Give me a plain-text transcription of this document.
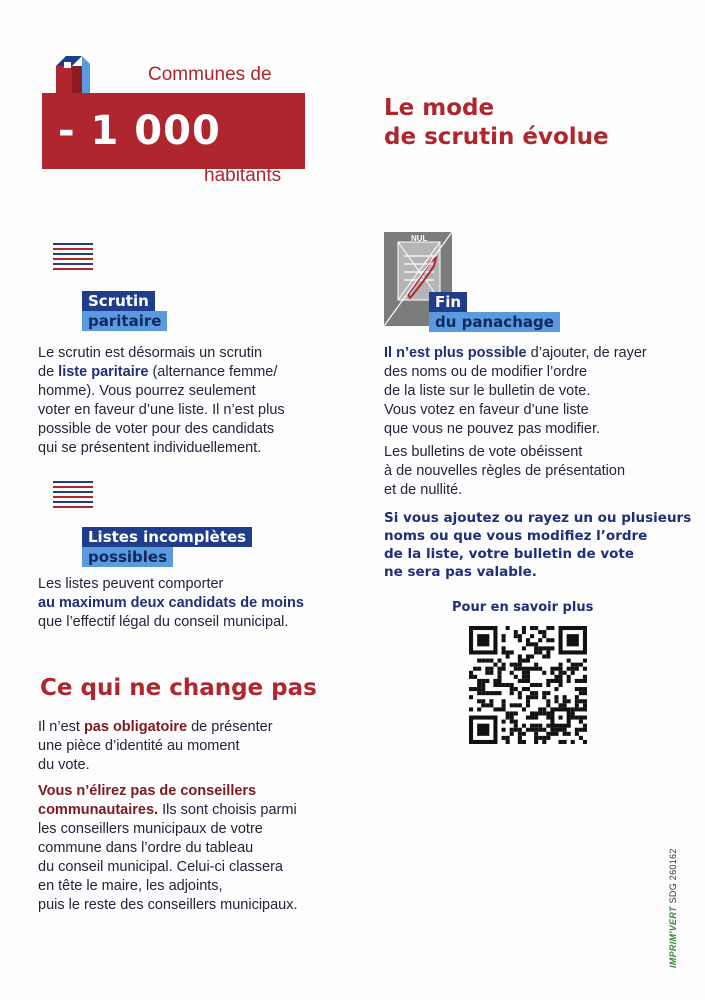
Communes de
- 1 000
habitants
Le mode
de scrutin évolue
Scrutin
paritaire
Le scrutin est désormais un scrutin
de liste paritaire (alternance femme/
homme). Vous pourrez seulement
voter en faveur d’une liste. Il n’est plus
possible de voter pour des candidats
qui se présentent individuellement.
Listes incomplètes
possibles
Les listes peuvent comporter
au maximum deux candidats de moins
que l’effectif légal du conseil municipal.
Ce qui ne change pas
Il n’est pas obligatoire de présenter
une pièce d’identité au moment
du vote.
Vous n’élirez pas de conseillers
communautaires. Ils sont choisis parmi
les conseillers municipaux de votre
commune dans l’ordre du tableau
du conseil municipal. Celui-ci classera
en tête le maire, les adjoints,
puis le reste des conseillers municipaux.
NUL
Fin
du panachage
Il n’est plus possible d’ajouter, de rayer
des noms ou de modifier l’ordre
de la liste sur le bulletin de vote.
Vous votez en faveur d’une liste
que vous ne pouvez pas modifier.
Les bulletins de vote obéissent
à de nouvelles règles de présentation
et de nullité.
Si vous ajoutez ou rayez un ou plusieurs
noms ou que vous modifiez l’ordre
de la liste, votre bulletin de vote
ne sera pas valable.
Pour en savoir plus
IMPRIM'VERT SDG 260162
